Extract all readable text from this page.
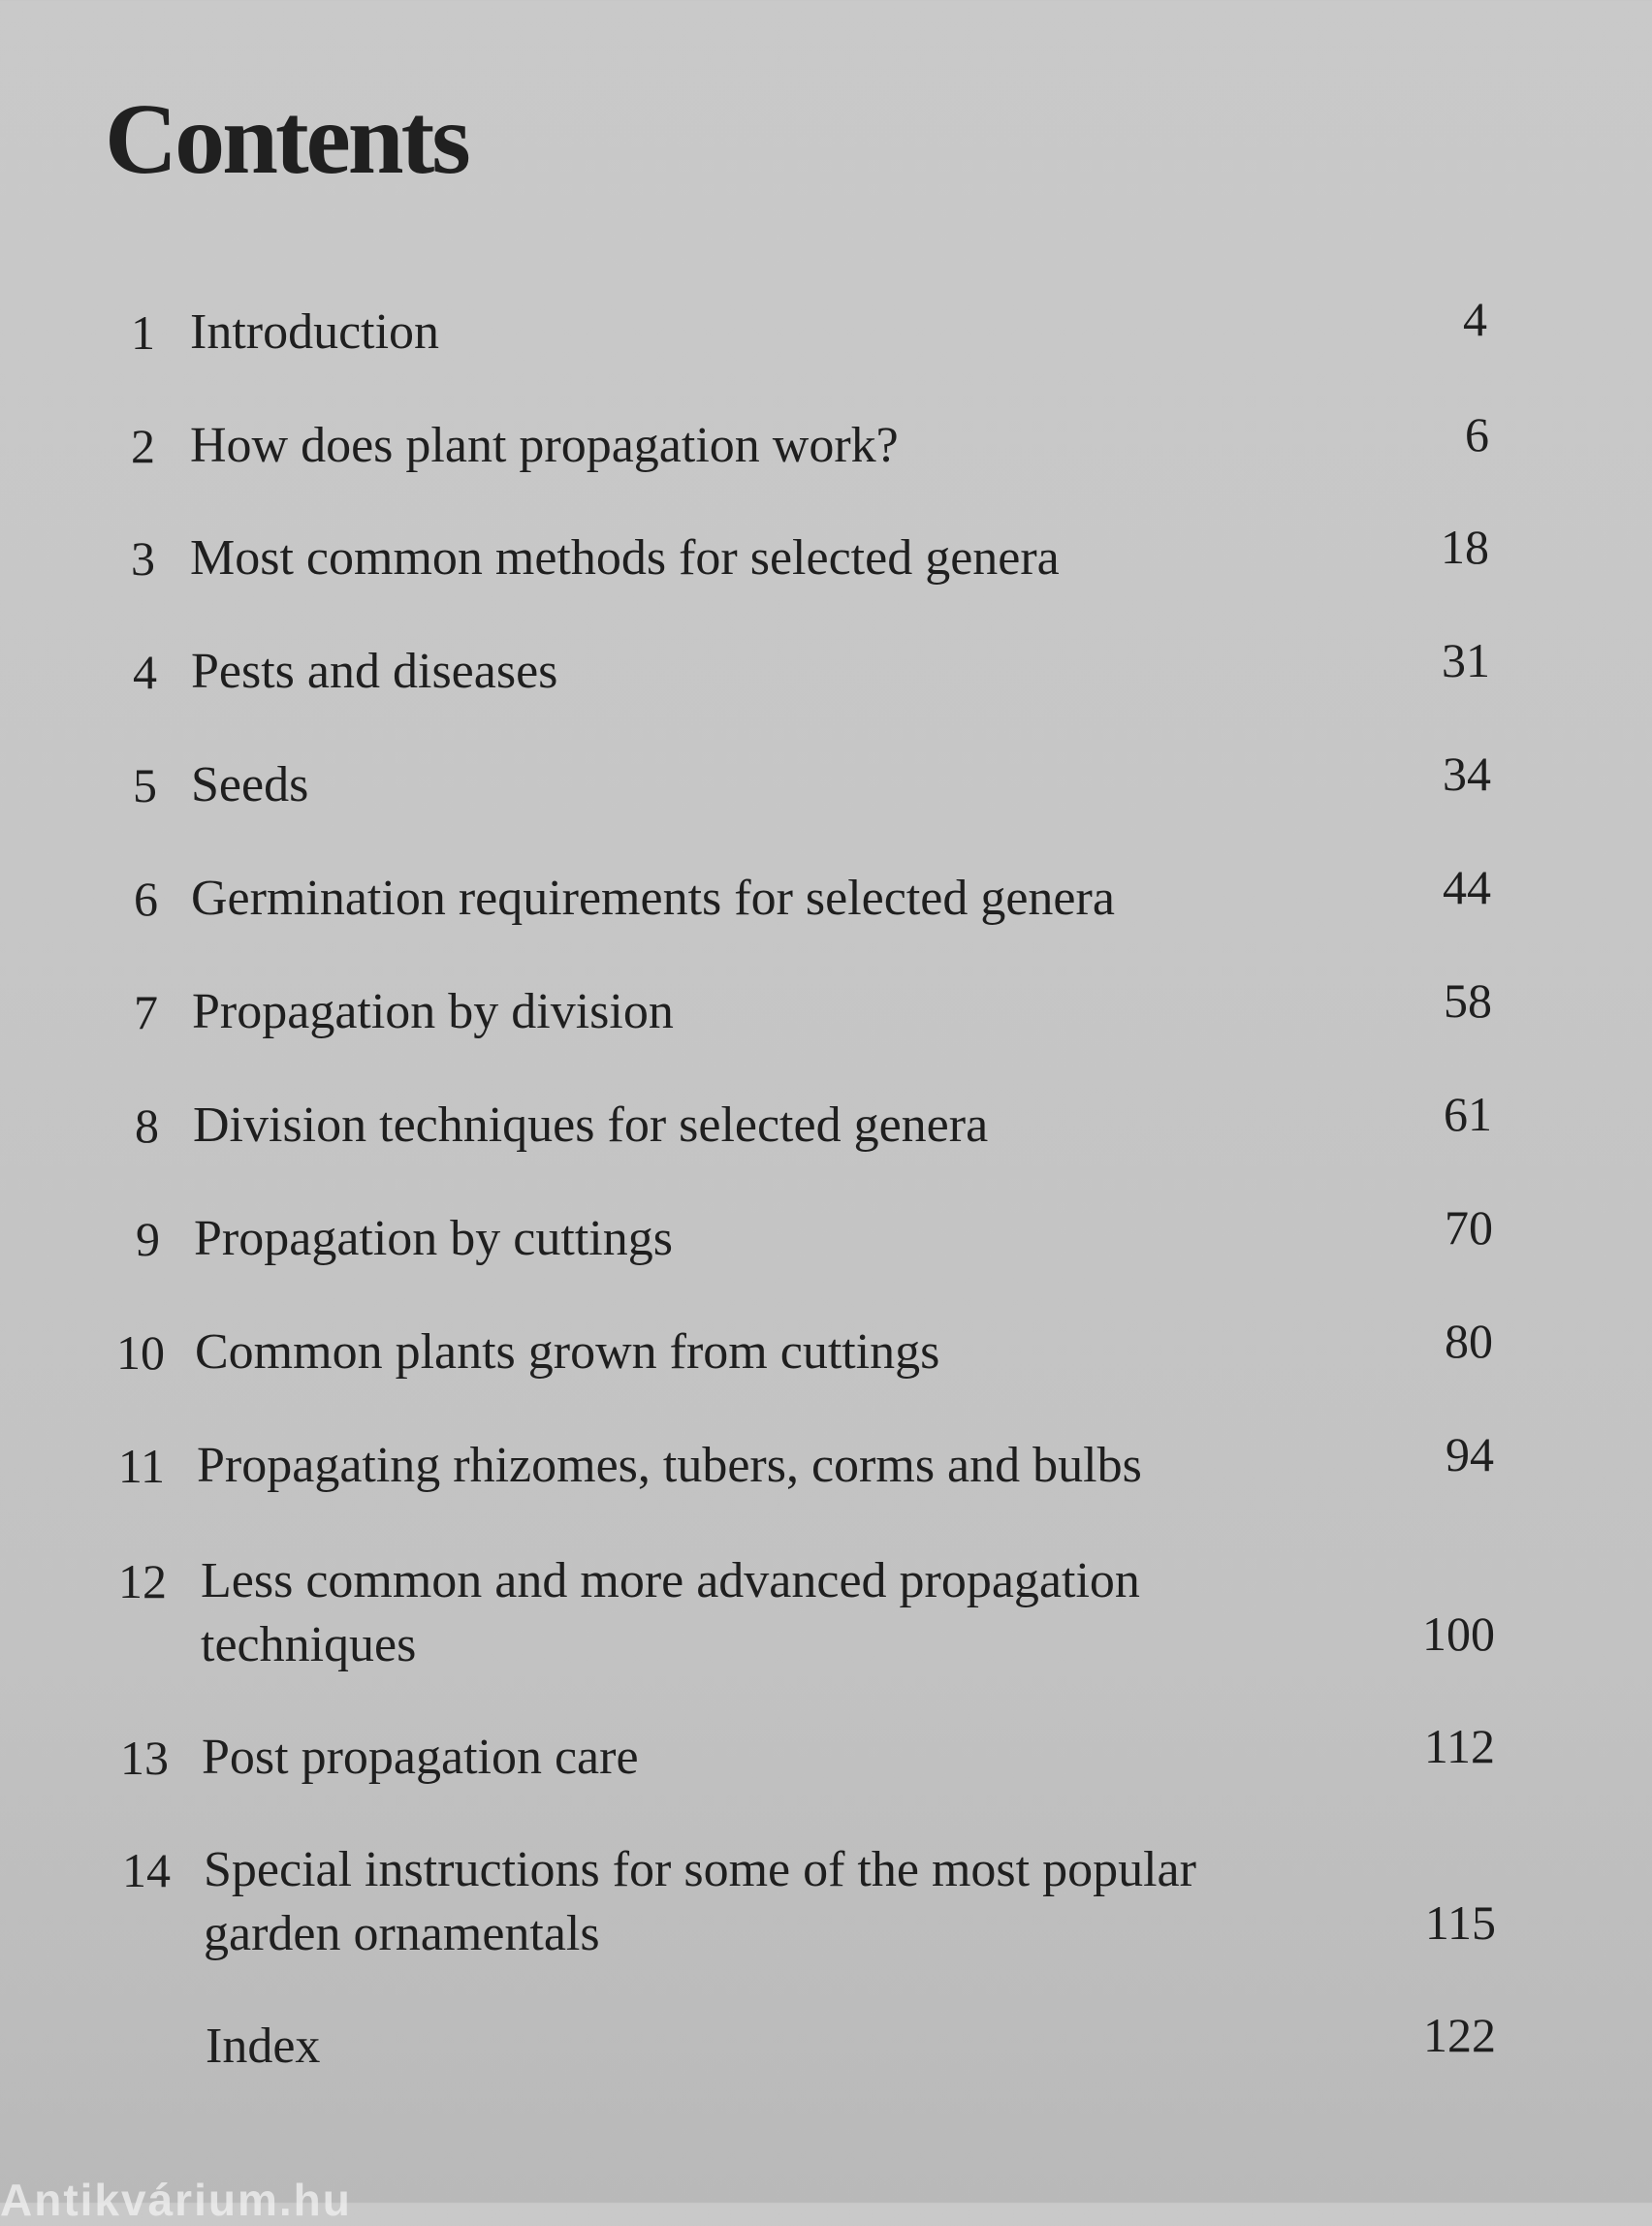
Contents
1 Introduction	4
2 How does plant propagation work?	6
3 Most common methods for selected genera	18
4 Pests and diseases	31
5 Seeds	34
6 Germination requirements for selected genera	44
7 Propagation by division	58
8 Division techniques for selected genera	61
9 Propagation by cuttings	70
10 Common plants grown from cuttings	80
11 Propagating rhizomes, tubers, corms and bulbs	94
12 Less common and more advanced propagation techniques	100
13 Post propagation care	112
14 Special instructions for some of the most popular garden ornamentals	115
Index	122
Antikvárium.hu
